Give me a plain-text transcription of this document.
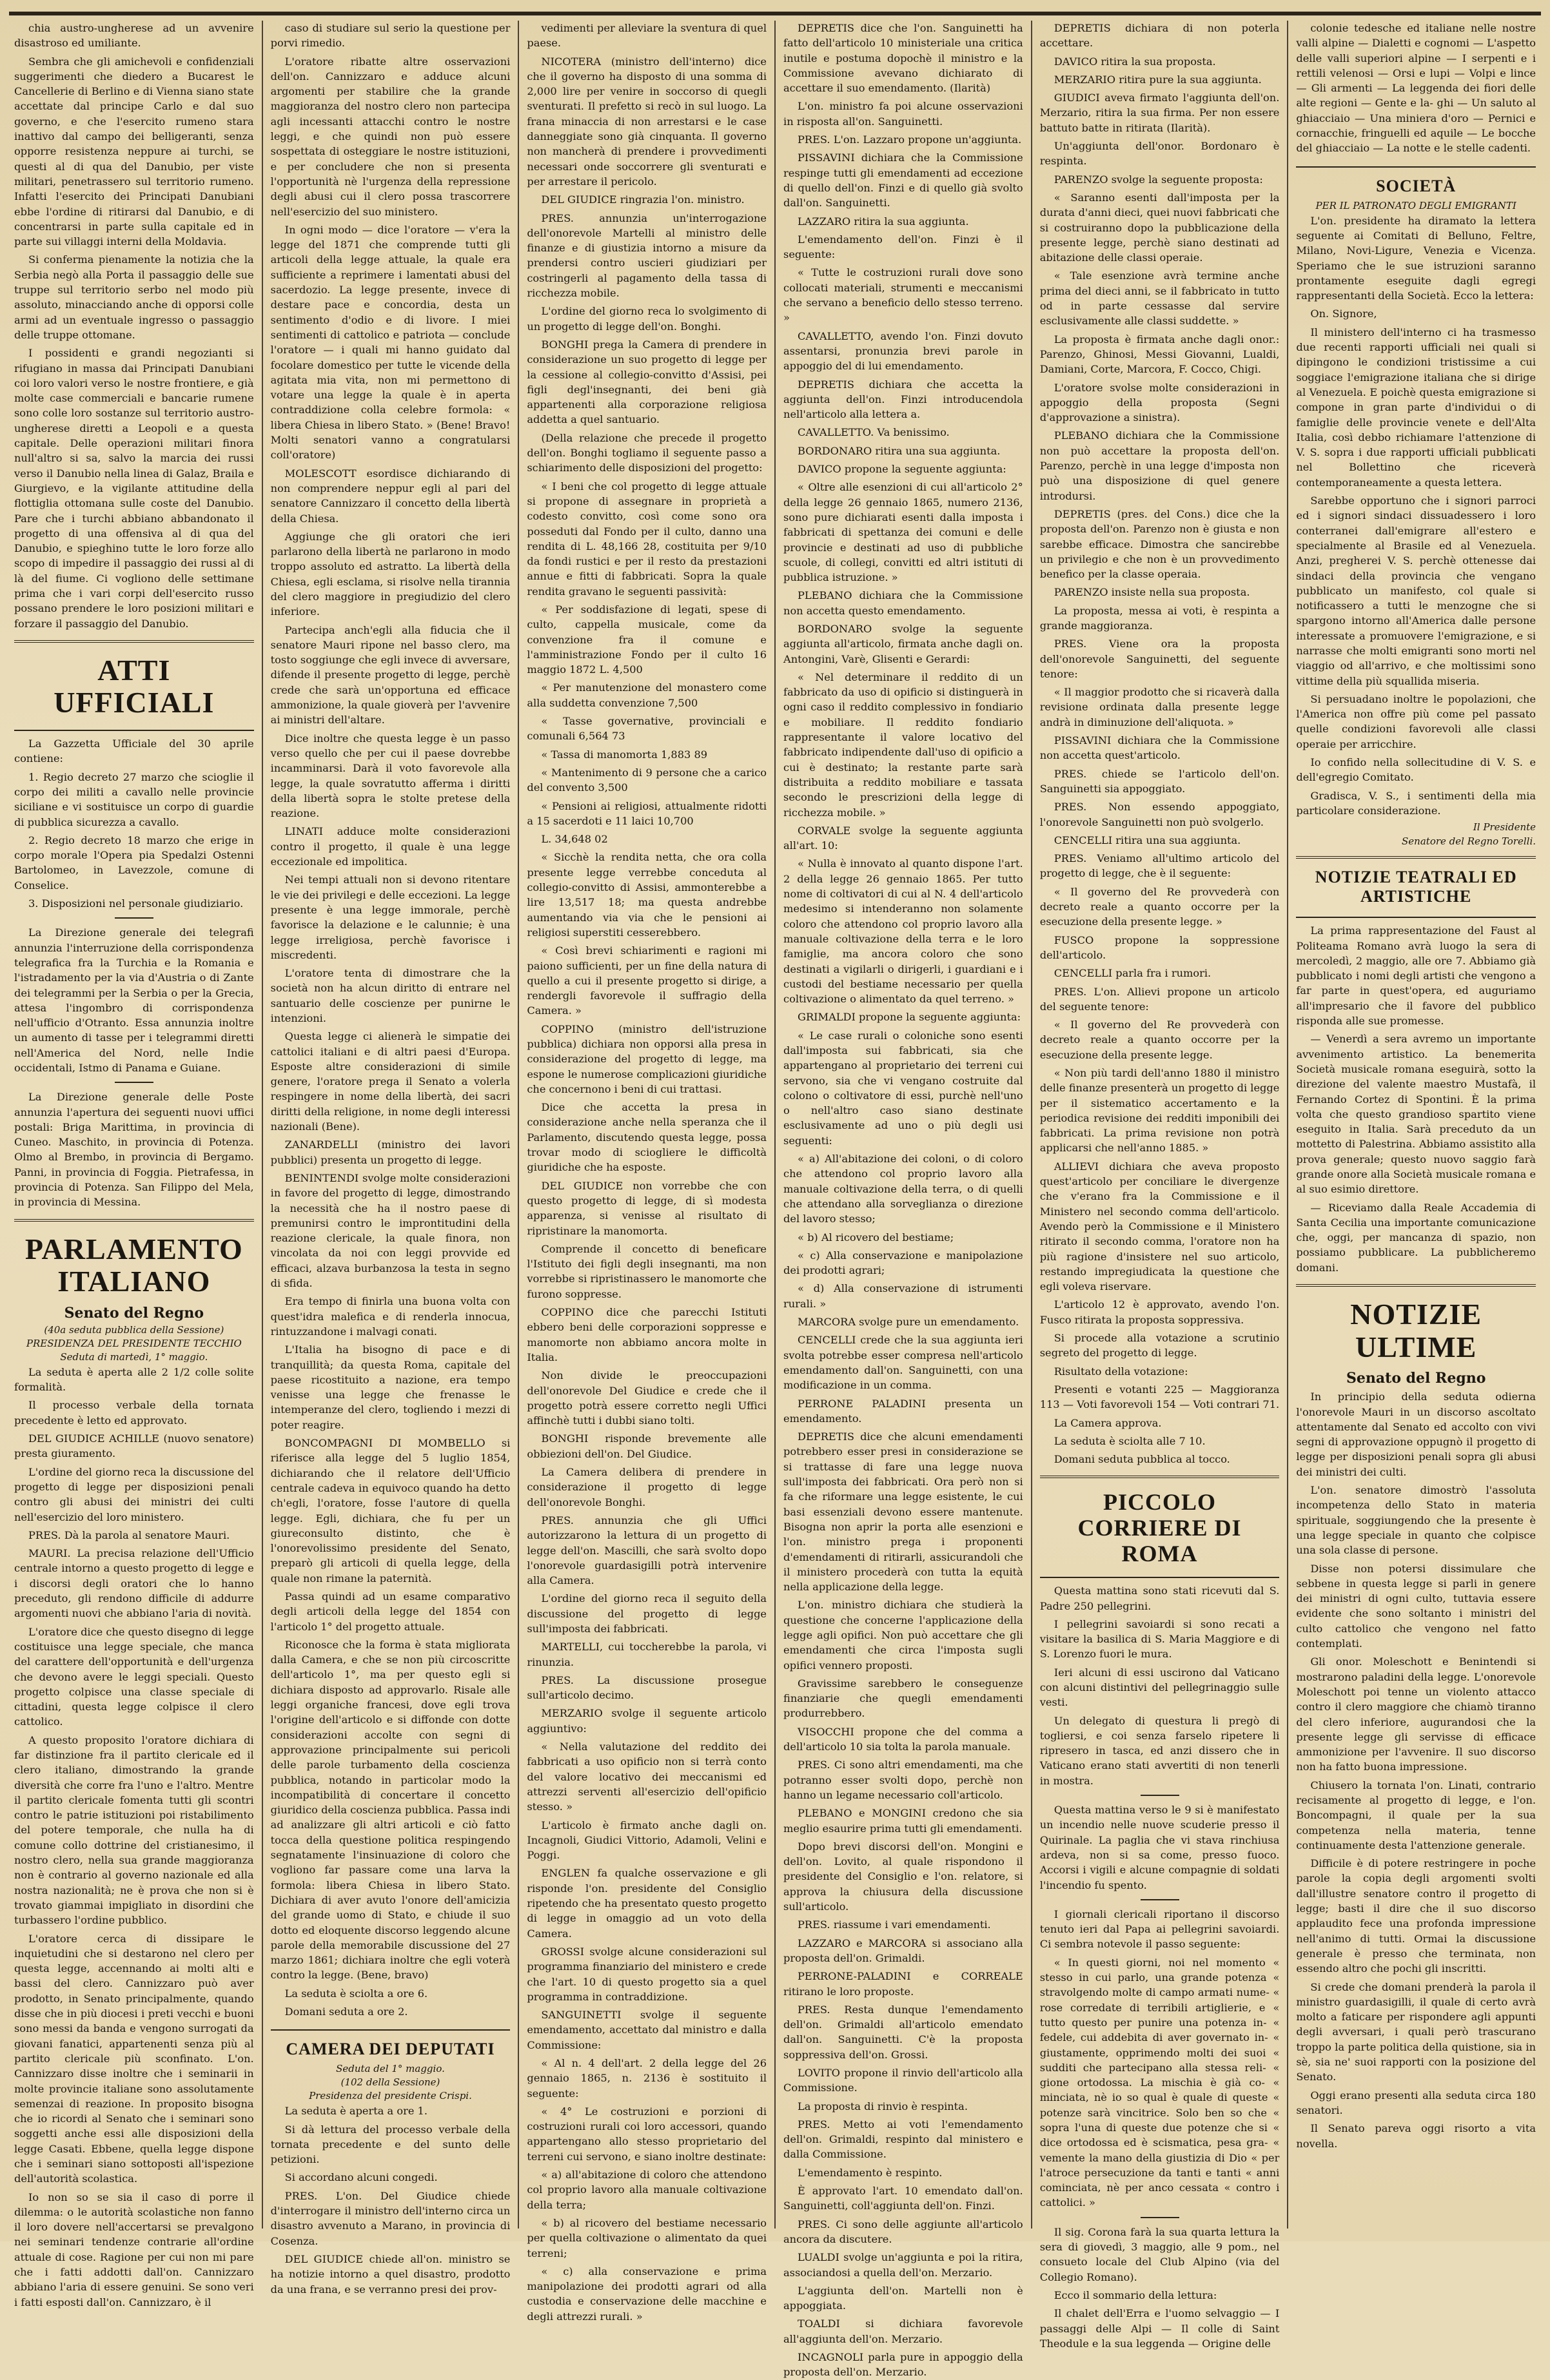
chia austro-ungherese ad un avvenire disastroso ed umiliante.

Sembra che gli amichevoli e confidenziali suggerimenti che diedero a Bucarest le Cancellerie di Berlino e di Vienna siano state accettate dal principe Carlo e dal suo governo, e che l'esercito rumeno stara inattivo dal campo dei belligeranti, senza opporre resistenza neppure ai turchi, se questi al di qua del Danubio, per viste militari, penetrassero sul territorio rumeno. Infatti l'esercito dei Principati Danubiani ebbe l'ordine di ritirarsi dal Danubio, e di concentrarsi in parte sulla capitale ed in parte sui villaggi interni della Moldavia.

Si conferma pienamente la notizia che la Serbia negò alla Porta il passaggio delle sue truppe sul territorio serbo nel modo più assoluto, minacciando anche di opporsi colle armi ad un eventuale ingresso o passaggio delle truppe ottomane.

I possidenti e grandi negozianti si rifugiano in massa dai Principati Danubiani coi loro valori verso le nostre frontiere, e già molte case commerciali e bancarie rumene sono colle loro sostanze sul territorio austro-ungherese diretti a Leopoli e a questa capitale. Delle operazioni militari finora null'altro si sa, salvo la marcia dei russi verso il Danubio nella linea di Galaz, Braila e Giurgievo, e la vigilante attitudine della flottiglia ottomana sulle coste del Danubio. Pare che i turchi abbiano abbandonato il progetto di una offensiva al di qua del Danubio, e spieghino tutte le loro forze allo scopo di impedire il passaggio dei russi al di là del fiume. Ci vogliono delle settimane prima che i vari corpi dell'esercito russo possano prendere le loro posizioni militari e forzare il passaggio del Danubio.

ATTI UFFICIALI

La Gazzetta Ufficiale del 30 aprile contiene:

1. Regio decreto 27 marzo che scioglie il corpo dei militi a cavallo nelle provincie siciliane e vi sostituisce un corpo di guardie di pubblica sicurezza a cavallo.

2. Regio decreto 18 marzo che erige in corpo morale l'Opera pia Spedalzi Ostenni Bartolomeo, in Lavezzole, comune di Conselice.

3. Disposizioni nel personale giudiziario.

La Direzione generale dei telegrafi annunzia l'interruzione della corrispondenza telegrafica fra la Turchia e la Romania e l'istradamento per la via d'Austria o di Zante dei telegrammi per la Serbia o per la Grecia, attesa l'ingombro di corrispondenza nell'ufficio d'Otranto. Essa annunzia inoltre un aumento di tasse per i telegrammi diretti nell'America del Nord, nelle Indie occidentali, Istmo di Panama e Guiane.

La Direzione generale delle Poste annunzia l'apertura dei seguenti nuovi uffici postali: Briga Marittima, in provincia di Cuneo. Maschito, in provincia di Potenza. Olmo al Brembo, in provincia di Bergamo. Panni, in provincia di Foggia. Pietrafessa, in provincia di Potenza. San Filippo del Mela, in provincia di Messina.

PARLAMENTO ITALIANO
Senato del Regno
(40a seduta pubblica della Sessione)
PRESIDENZA DEL PRESIDENTE TECCHIO
Seduta di martedì, 1° maggio.

La seduta è aperta alle 2 1/2 colle solite formalità.

Il processo verbale della tornata precedente è letto ed approvato.

DEL GIUDICE ACHILLE (nuovo senatore) presta giuramento.

L'ordine del giorno reca la discussione del progetto di legge per disposizioni penali contro gli abusi dei ministri dei culti nell'esercizio del loro ministero.

PRES. Dà la parola al senatore Mauri.

MAURI. La precisa relazione dell'Ufficio centrale intorno a questo progetto di legge e i discorsi degli oratori che lo hanno preceduto, gli rendono difficile di addurre argomenti nuovi che abbiano l'aria di novità.

L'oratore dice che questo disegno di legge costituisce una legge speciale, che manca del carattere dell'opportunità e dell'urgenza che devono avere le leggi speciali. Questo progetto colpisce una classe speciale di cittadini, questa legge colpisce il clero cattolico.

A questo proposito l'oratore dichiara di far distinzione fra il partito clericale ed il clero italiano, dimostrando la grande diversità che corre fra l'uno e l'altro. Mentre il partito clericale fomenta tutti gli scontri contro le patrie istituzioni poi ristabilimento del potere temporale, che nulla ha di comune collo dottrine del cristianesimo, il nostro clero, nella sua grande maggioranza non è contrario al governo nazionale ed alla nostra nazionalità; ne è prova che non si è trovato giammai impigliato in disordini che turbassero l'ordine pubblico.

L'oratore cerca di dissipare le inquietudini che si destarono nel clero per questa legge, accennando ai molti alti e bassi del clero. Cannizzaro può aver prodotto, in Senato principalmente, quando disse che in più diocesi i preti vecchi e buoni sono messi da banda e vengono surrogati da giovani fanatici, appartenenti senza più al partito clericale più sconfinato. L'on. Cannizzaro disse inoltre che i seminarii in molte provincie italiane sono assolutamente semenzai di reazione. In proposito bisogna che io ricordi al Senato che i seminari sono soggetti anche essi alle disposizioni della legge Casati. Ebbene, quella legge dispone che i seminari siano sottoposti all'ispezione dell'autorità scolastica.

Io non so se sia il caso di porre il dilemma: o le autorità scolastiche non fanno il loro dovere nell'accertarsi se prevalgono nei seminari tendenze contrarie all'ordine attuale di cose. Ragione per cui non mi pare che i fatti addotti dall'on. Cannizzaro abbiano l'aria di essere genuini. Se sono veri i fatti esposti dall'on. Cannizzaro, è il

caso di studiare sul serio la questione per porvi rimedio.

L'oratore ribatte altre osservazioni dell'on. Cannizzaro e adduce alcuni argomenti per stabilire che la grande maggioranza del nostro clero non partecipa agli incessanti attacchi contro le nostre leggi, e che quindi non può essere sospettata di osteggiare le nostre istituzioni, e per concludere che non si presenta l'opportunità nè l'urgenza della repressione degli abusi cui il clero possa trascorrere nell'esercizio del suo ministero.

In ogni modo — dice l'oratore — v'era la legge del 1871 che comprende tutti gli articoli della legge attuale, la quale era sufficiente a reprimere i lamentati abusi del sacerdozio. La legge presente, invece di destare pace e concordia, desta un sentimento d'odio e di livore. I miei sentimenti di cattolico e patriota — conclude l'oratore — i quali mi hanno guidato dal focolare domestico per tutte le vicende della agitata mia vita, non mi permettono di votare una legge la quale è in aperta contraddizione colla celebre formola: « libera Chiesa in libero Stato. » (Bene! Bravo! Molti senatori vanno a congratularsi coll'oratore)

MOLESCOTT esordisce dichiarando di non comprendere neppur egli al pari del senatore Cannizzaro il concetto della libertà della Chiesa.

Aggiunge che gli oratori che ieri parlarono della libertà ne parlarono in modo troppo assoluto ed astratto. La libertà della Chiesa, egli esclama, si risolve nella tirannia del clero maggiore in pregiudizio del clero inferiore.

Partecipa anch'egli alla fiducia che il senatore Mauri ripone nel basso clero, ma tosto soggiunge che egli invece di avversare, difende il presente progetto di legge, perchè crede che sarà un'opportuna ed efficace ammonizione, la quale gioverà per l'avvenire ai ministri dell'altare.

Dice inoltre che questa legge è un passo verso quello che per cui il paese dovrebbe incamminarsi. Darà il voto favorevole alla legge, la quale sovratutto afferma i diritti della libertà sopra le stolte pretese della reazione.

LINATI adduce molte considerazioni contro il progetto, il quale è una legge eccezionale ed impolitica.

Nei tempi attuali non si devono ritentare le vie dei privilegi e delle eccezioni. La legge presente è una legge immorale, perchè favorisce la delazione e le calunnie; è una legge irreligiosa, perchè favorisce i miscredenti.

L'oratore tenta di dimostrare che la società non ha alcun diritto di entrare nel santuario delle coscienze per punirne le intenzioni.

Questa legge ci alienerà le simpatie dei cattolici italiani e di altri paesi d'Europa. Esposte altre considerazioni di simile genere, l'oratore prega il Senato a volerla respingere in nome della libertà, dei sacri diritti della religione, in nome degli interessi nazionali (Bene).

ZANARDELLI (ministro dei lavori pubblici) presenta un progetto di legge.

BENINTENDI svolge molte considerazioni in favore del progetto di legge, dimostrando la necessità che ha il nostro paese di premunirsi contro le improntitudini della reazione clericale, la quale finora, non vincolata da noi con leggi provvide ed efficaci, alzava burbanzosa la testa in segno di sfida.

Era tempo di finirla una buona volta con quest'idra malefica e di renderla innocua, rintuzzandone i malvagi conati.

L'Italia ha bisogno di pace e di tranquillità; da questa Roma, capitale del paese ricostituito a nazione, era tempo venisse una legge che frenasse le intemperanze del clero, togliendo i mezzi di poter reagire.

BONCOMPAGNI DI MOMBELLO si riferisce alla legge del 5 luglio 1854, dichiarando che il relatore dell'Ufficio centrale cadeva in equivoco quando ha detto ch'egli, l'oratore, fosse l'autore di quella legge. Egli, dichiara, che fu per un giureconsulto distinto, che è l'onorevolissimo presidente del Senato, preparò gli articoli di quella legge, della quale non rimane la paternità.

Passa quindi ad un esame comparativo degli articoli della legge del 1854 con l'articolo 1° del progetto attuale.

Riconosce che la forma è stata migliorata dalla Camera, e che se non più circoscritte dell'articolo 1°, ma per questo egli si dichiara disposto ad approvarlo. Risale alle leggi organiche francesi, dove egli trova l'origine dell'articolo e si diffonde con dotte considerazioni accolte con segni di approvazione principalmente sui pericoli delle parole turbamento della coscienza pubblica, notando in particolar modo la incompatibilità di concertare il concetto giuridico della coscienza pubblica. Passa indi ad analizzare gli altri articoli e ciò fatto tocca della questione politica respingendo segnatamente l'insinuazione di coloro che vogliono far passare come una larva la formola: libera Chiesa in libero Stato. Dichiara di aver avuto l'onore dell'amicizia del grande uomo di Stato, e chiude il suo dotto ed eloquente discorso leggendo alcune parole della memorabile discussione del 27 marzo 1861; dichiara inoltre che egli voterà contro la legge. (Bene, bravo)

La seduta è sciolta a ore 6.

Domani seduta a ore 2.

CAMERA DEI DEPUTATI
Seduta del 1° maggio.
(102 della Sessione)
Presidenza del presidente Crispi.

La seduta è aperta a ore 1.

Si dà lettura del processo verbale della tornata precedente e del sunto delle petizioni.

Si accordano alcuni congedi.

PRES. L'on. Del Giudice chiede d'interrogare il ministro dell'interno circa un disastro avvenuto a Marano, in provincia di Cosenza.

DEL GIUDICE chiede all'on. ministro se ha notizie intorno a quel disastro, prodotto da una frana, e se verranno presi dei prov-

vedimenti per alleviare la sventura di quel paese.

NICOTERA (ministro dell'interno) dice che il governo ha disposto di una somma di 2,000 lire per venire in soccorso di quegli sventurati. Il prefetto si recò in sul luogo. La frana minaccia di non arrestarsi e le case danneggiate sono già cinquanta. Il governo non mancherà di prendere i provvedimenti necessari onde soccorrere gli sventurati e per arrestare il pericolo.

DEL GIUDICE ringrazia l'on. ministro.

PRES. annunzia un'interrogazione dell'onorevole Martelli al ministro delle finanze e di giustizia intorno a misure da prendersi contro uscieri giudiziari per costringerli al pagamento della tassa di ricchezza mobile.

L'ordine del giorno reca lo svolgimento di un progetto di legge dell'on. Bonghi.

BONGHI prega la Camera di prendere in considerazione un suo progetto di legge per la cessione al collegio-convitto d'Assisi, pei figli degl'insegnanti, dei beni già appartenenti alla corporazione religiosa addetta a quel santuario.

(Della relazione che precede il progetto dell'on. Bonghi togliamo il seguente passo a schiarimento delle disposizioni del progetto:

« I beni che col progetto di legge attuale si propone di assegnare in proprietà a codesto convitto, così come sono ora posseduti dal Fondo per il culto, danno una rendita di L. 48,166 28, costituita per 9/10 da fondi rustici e per il resto da prestazioni annue e fitti di fabbricati. Sopra la quale rendita gravano le seguenti passività:

« Per soddisfazione di legati, spese di culto, cappella musicale, come da convenzione fra il comune e l'amministrazione Fondo per il culto 16 maggio 1872 L. 4,500

« Per manutenzione del monastero come alla suddetta convenzione 7,500

« Tasse governative, provinciali e comunali 6,564 73

« Tassa di manomorta 1,883 89

« Mantenimento di 9 persone che a carico del convento 3,500

« Pensioni ai religiosi, attualmente ridotti a 15 sacerdoti e 11 laici 10,700

L. 34,648 02

« Sicchè la rendita netta, che ora colla presente legge verrebbe conceduta al collegio-convitto di Assisi, ammonterebbe a lire 13,517 18; ma questa andrebbe aumentando via via che le pensioni ai religiosi superstiti cesserebbero.

« Così brevi schiarimenti e ragioni mi paiono sufficienti, per un fine della natura di quello a cui il presente progetto si dirige, a rendergli favorevole il suffragio della Camera. »

COPPINO (ministro dell'istruzione pubblica) dichiara non opporsi alla presa in considerazione del progetto di legge, ma espone le numerose complicazioni giuridiche che concernono i beni di cui trattasi.

Dice che accetta la presa in considerazione anche nella speranza che il Parlamento, discutendo questa legge, possa trovar modo di sciogliere le difficoltà giuridiche che ha esposte.

DEL GIUDICE non vorrebbe che con questo progetto di legge, di sì modesta apparenza, si venisse al risultato di ripristinare la manomorta.

Comprende il concetto di beneficare l'Istituto dei figli degli insegnanti, ma non vorrebbe si ripristinassero le manomorte che furono soppresse.

COPPINO dice che parecchi Istituti ebbero beni delle corporazioni soppresse e manomorte non abbiamo ancora molte in Italia.

Non divide le preoccupazioni dell'onorevole Del Giudice e crede che il progetto potrà essere corretto negli Uffici affinchè tutti i dubbi siano tolti.

BONGHI risponde brevemente alle obbiezioni dell'on. Del Giudice.

La Camera delibera di prendere in considerazione il progetto di legge dell'onorevole Bonghi.

PRES. annunzia che gli Uffici autorizzarono la lettura di un progetto di legge dell'on. Mascilli, che sarà svolto dopo l'onorevole guardasigilli potrà intervenire alla Camera.

L'ordine del giorno reca il seguito della discussione del progetto di legge sull'imposta dei fabbricati.

MARTELLI, cui toccherebbe la parola, vi rinunzia.

PRES. La discussione prosegue sull'articolo decimo.

MERZARIO svolge il seguente articolo aggiuntivo:

« Nella valutazione del reddito dei fabbricati a uso opificio non si terrà conto del valore locativo dei meccanismi ed attrezzi serventi all'esercizio dell'opificio stesso. »

L'articolo è firmato anche dagli on. Incagnoli, Giudici Vittorio, Adamoli, Velini e Poggi.

ENGLEN fa qualche osservazione e gli risponde l'on. presidente del Consiglio ripetendo che ha presentato questo progetto di legge in omaggio ad un voto della Camera.

GROSSI svolge alcune considerazioni sul programma finanziario del ministero e crede che l'art. 10 di questo progetto sia a quel programma in contraddizione.

SANGUINETTI svolge il seguente emendamento, accettato dal ministro e dalla Commissione:

« Al n. 4 dell'art. 2 della legge del 26 gennaio 1865, n. 2136 è sostituito il seguente:

« 4° Le costruzioni e porzioni di costruzioni rurali coi loro accessori, quando appartengano allo stesso proprietario del terreni cui servono, e siano inoltre destinate:

« a) all'abitazione di coloro che attendono col proprio lavoro alla manuale coltivazione della terra;

« b) al ricovero del bestiame necessario per quella coltivazione o alimentato da quei terreni;

« c) alla conservazione e prima manipolazione dei prodotti agrari od alla custodia e conservazione delle macchine e degli attrezzi rurali. »

DEPRETIS dice che l'on. Sanguinetti ha fatto dell'articolo 10 ministeriale una critica inutile e postuma dopochè il ministro e la Commissione avevano dichiarato di accettare il suo emendamento. (Ilarità)

L'on. ministro fa poi alcune osservazioni in risposta all'on. Sanguinetti.

PRES. L'on. Lazzaro propone un'aggiunta.

PISSAVINI dichiara che la Commissione respinge tutti gli emendamenti ad eccezione di quello dell'on. Finzi e di quello già svolto dall'on. Sanguinetti.

LAZZARO ritira la sua aggiunta.

L'emendamento dell'on. Finzi è il seguente:

« Tutte le costruzioni rurali dove sono collocati materiali, strumenti e meccanismi che servano a beneficio dello stesso terreno. »

CAVALLETTO, avendo l'on. Finzi dovuto assentarsi, pronunzia brevi parole in appoggio del di lui emendamento.

DEPRETIS dichiara che accetta la aggiunta dell'on. Finzi introducendola nell'articolo alla lettera a.

CAVALLETTO. Va benissimo.

BORDONARO ritira una sua aggiunta.

DAVICO propone la seguente aggiunta:

« Oltre alle esenzioni di cui all'articolo 2° della legge 26 gennaio 1865, numero 2136, sono pure dichiarati esenti dalla imposta i fabbricati di spettanza dei comuni e delle provincie e destinati ad uso di pubbliche scuole, di collegi, convitti ed altri istituti di pubblica istruzione. »

PLEBANO dichiara che la Commissione non accetta questo emendamento.

BORDONARO svolge la seguente aggiunta all'articolo, firmata anche dagli on. Antongini, Varè, Glisenti e Gerardi:

« Nel determinare il reddito di un fabbricato da uso di opificio si distinguerà in ogni caso il reddito complessivo in fondiario e mobiliare. Il reddito fondiario rappresentante il valore locativo del fabbricato indipendente dall'uso di opificio a cui è destinato; la restante parte sarà distribuita a reddito mobiliare e tassata secondo le prescrizioni della legge di ricchezza mobile. »

CORVALE svolge la seguente aggiunta all'art. 10:

« Nulla è innovato al quanto dispone l'art. 2 della legge 26 gennaio 1865. Per tutto nome di coltivatori di cui al N. 4 dell'articolo medesimo si intenderanno non solamente coloro che attendono col proprio lavoro alla manuale coltivazione della terra e le loro famiglie, ma ancora coloro che sono destinati a vigilarli o dirigerli, i guardiani e i custodi del bestiame necessario per quella coltivazione o alimentato da quel terreno. »

GRIMALDI propone la seguente aggiunta:

« Le case rurali o coloniche sono esenti dall'imposta sui fabbricati, sia che appartengano al proprietario dei terreni cui servono, sia che vi vengano costruite dal colono o coltivatore di essi, purchè nell'uno o nell'altro caso siano destinate esclusivamente ad uno o più degli usi seguenti:

« a) All'abitazione dei coloni, o di coloro che attendono col proprio lavoro alla manuale coltivazione della terra, o di quelli che attendano alla sorveglianza o direzione del lavoro stesso;

« b) Al ricovero del bestiame;

« c) Alla conservazione e manipolazione dei prodotti agrari;

« d) Alla conservazione di istrumenti rurali. »

MARCORA svolge pure un emendamento.

CENCELLI crede che la sua aggiunta ieri svolta potrebbe esser compresa nell'articolo emendamento dall'on. Sanguinetti, con una modificazione in un comma.

PERRONE PALADINI presenta un emendamento.

DEPRETIS dice che alcuni emendamenti potrebbero esser presi in considerazione se si trattasse di fare una legge nuova sull'imposta dei fabbricati. Ora però non si fa che riformare una legge esistente, le cui basi essenziali devono essere mantenute. Bisogna non aprir la porta alle esenzioni e l'on. ministro prega i proponenti d'emendamenti di ritirarli, assicurandoli che il ministero procederà con tutta la equità nella applicazione della legge.

L'on. ministro dichiara che studierà la questione che concerne l'applicazione della legge agli opifici. Non può accettare che gli emendamenti che circa l'imposta sugli opifici vennero proposti.

Gravissime sarebbero le conseguenze finanziarie che quegli emendamenti produrrebbero.

VISOCCHI propone che del comma a dell'articolo 10 sia tolta la parola manuale.

PRES. Ci sono altri emendamenti, ma che potranno esser svolti dopo, perchè non hanno un legame necessario coll'articolo.

PLEBANO e MONGINI credono che sia meglio esaurire prima tutti gli emendamenti.

Dopo brevi discorsi dell'on. Mongini e dell'on. Lovito, al quale rispondono il presidente del Consiglio e l'on. relatore, si approva la chiusura della discussione sull'articolo.

PRES. riassume i vari emendamenti.

LAZZARO e MARCORA si associano alla proposta dell'on. Grimaldi.

PERRONE-PALADINI e CORREALE ritirano le loro proposte.

PRES. Resta dunque l'emendamento dell'on. Grimaldi all'articolo emendato dall'on. Sanguinetti. C'è la proposta soppressiva dell'on. Grossi.

LOVITO propone il rinvio dell'articolo alla Commissione.

La proposta di rinvio è respinta.

PRES. Metto ai voti l'emendamento dell'on. Grimaldi, respinto dal ministero e dalla Commissione.

L'emendamento è respinto.

È approvato l'art. 10 emendato dall'on. Sanguinetti, coll'aggiunta dell'on. Finzi.

PRES. Ci sono delle aggiunte all'articolo ancora da discutere.

LUALDI svolge un'aggiunta e poi la ritira, associandosi a quella dell'on. Merzario.

L'aggiunta dell'on. Martelli non è appoggiata.

TOALDI si dichiara favorevole all'aggiunta dell'on. Merzario.

INCAGNOLI parla pure in appoggio della proposta dell'on. Merzario.

DEPRETIS dichiara di non poterla accettare.

DAVICO ritira la sua proposta.

MERZARIO ritira pure la sua aggiunta.

GIUDICI aveva firmato l'aggiunta dell'on. Merzario, ritira la sua firma. Per non essere battuto batte in ritirata (Ilarità).

Un'aggiunta dell'onor. Bordonaro è respinta.

PARENZO svolge la seguente proposta:

« Saranno esenti dall'imposta per la durata d'anni dieci, quei nuovi fabbricati che si costruiranno dopo la pubblicazione della presente legge, perchè siano destinati ad abitazione delle classi operaie.

« Tale esenzione avrà termine anche prima del dieci anni, se il fabbricato in tutto od in parte cessasse dal servire esclusivamente alle classi suddette. »

La proposta è firmata anche dagli onor.: Parenzo, Ghinosi, Messi Giovanni, Lualdi, Damiani, Corte, Marcora, F. Cocco, Chigi.

L'oratore svolse molte considerazioni in appoggio della proposta (Segni d'approvazione a sinistra).

PLEBANO dichiara che la Commissione non può accettare la proposta dell'on. Parenzo, perchè in una legge d'imposta non può una disposizione di quel genere introdursi.

DEPRETIS (pres. del Cons.) dice che la proposta dell'on. Parenzo non è giusta e non sarebbe efficace. Dimostra che sancirebbe un privilegio e che non è un provvedimento benefico per la classe operaia.

PARENZO insiste nella sua proposta.

La proposta, messa ai voti, è respinta a grande maggioranza.

PRES. Viene ora la proposta dell'onorevole Sanguinetti, del seguente tenore:

« Il maggior prodotto che si ricaverà dalla revisione ordinata dalla presente legge andrà in diminuzione dell'aliquota. »

PISSAVINI dichiara che la Commissione non accetta quest'articolo.

PRES. chiede se l'articolo dell'on. Sanguinetti sia appoggiato.

PRES. Non essendo appoggiato, l'onorevole Sanguinetti non può svolgerlo.

CENCELLI ritira una sua aggiunta.

PRES. Veniamo all'ultimo articolo del progetto di legge, che è il seguente:

« Il governo del Re provvederà con decreto reale a quanto occorre per la esecuzione della presente legge. »

FUSCO propone la soppressione dell'articolo.

CENCELLI parla fra i rumori.

PRES. L'on. Allievi propone un articolo del seguente tenore:

« Il governo del Re provvederà con decreto reale a quanto occorre per la esecuzione della presente legge.

« Non più tardi dell'anno 1880 il ministro delle finanze presenterà un progetto di legge per il sistematico accertamento e la periodica revisione dei redditi imponibili dei fabbricati. La prima revisione non potrà applicarsi che nell'anno 1885. »

ALLIEVI dichiara che aveva proposto quest'articolo per conciliare le divergenze che v'erano fra la Commissione e il Ministero nel secondo comma dell'articolo. Avendo però la Commissione e il Ministero ritirato il secondo comma, l'oratore non ha più ragione d'insistere nel suo articolo, restando impregiudicata la questione che egli voleva riservare.

L'articolo 12 è approvato, avendo l'on. Fusco ritirata la proposta soppressiva.

Si procede alla votazione a scrutinio segreto del progetto di legge.

Risultato della votazione:

Presenti e votanti 225 — Maggioranza 113 — Voti favorevoli 154 — Voti contrari 71.

La Camera approva.

La seduta è sciolta alle 7 10.

Domani seduta pubblica al tocco.

PICCOLO CORRIERE DI ROMA

Questa mattina sono stati ricevuti dal S. Padre 250 pellegrini.

I pellegrini savoiardi si sono recati a visitare la basilica di S. Maria Maggiore e di S. Lorenzo fuori le mura.

Ieri alcuni di essi uscirono dal Vaticano con alcuni distintivi del pellegrinaggio sulle vesti.

Un delegato di questura li pregò di togliersi, e coi senza farselo ripetere li ripresero in tasca, ed anzi dissero che in Vaticano erano stati avvertiti di non tenerli in mostra.

Questa mattina verso le 9 si è manifestato un incendio nelle nuove scuderie presso il Quirinale. La paglia che vi stava rinchiusa ardeva, non si sa come, presso fuoco. Accorsi i vigili e alcune compagnie di soldati l'incendio fu spento.

I giornali clericali riportano il discorso tenuto ieri dal Papa ai pellegrini savoiardi. Ci sembra notevole il passo seguente:

« In questi giorni, noi nel momento « stesso in cui parlo, una grande potenza « stravolgendo molte di campo armati nume- « rose corredate di terribili artiglierie, e « tutto questo per punire una potenza in- « fedele, cui addebita di aver governato in- « giustamente, opprimendo molti dei suoi « sudditi che partecipano alla stessa reli- « gione ortodossa. La mischia è già co- « minciata, nè io so qual è quale di queste « potenze sarà vincitrice. Solo ben so che « sopra l'una di queste due potenze che si « dice ortodossa ed è scismatica, pesa gra- « vemente la mano della giustizia di Dio « per l'atroce persecuzione da tanti e tanti « anni cominciata, nè per anco cessata « contro i cattolici. »

Il sig. Corona farà la sua quarta lettura la sera di giovedì, 3 maggio, alle 9 pom., nel consueto locale del Club Alpino (via del Collegio Romano).

Ecco il sommario della lettura:

Il chalet dell'Erra e l'uomo selvaggio — I passaggi delle Alpi — Il colle di Saint Theodule e la sua leggenda — Origine delle

colonie tedesche ed italiane nelle nostre valli alpine — Dialetti e cognomi — L'aspetto delle valli superiori alpine — I serpenti e i rettili velenosi — Orsi e lupi — Volpi e lince — Gli armenti — La leggenda dei fiori delle alte regioni — Gente e la- ghi — Un saluto al ghiacciaio — Una miniera d'oro — Pernici e cornacchie, fringuelli ed aquile — Le bocche del ghiacciaio — La notte e le stelle cadenti.

SOCIETÀ
PER IL PATRONATO DEGLI EMIGRANTI

L'on. presidente ha diramato la lettera seguente ai Comitati di Belluno, Feltre, Milano, Novi-Ligure, Venezia e Vicenza. Speriamo che le sue istruzioni saranno prontamente eseguite dagli egregi rappresentanti della Società. Ecco la lettera:

On. Signore,

Il ministero dell'interno ci ha trasmesso due recenti rapporti ufficiali nei quali si dipingono le condizioni tristissime a cui soggiace l'emigrazione italiana che si dirige al Venezuela. E poichè questa emigrazione si compone in gran parte d'individui o di famiglie delle provincie venete e dell'Alta Italia, così debbo richiamare l'attenzione di V. S. sopra i due rapporti ufficiali pubblicati nel Bollettino che riceverà contemporaneamente a questa lettera.

Sarebbe opportuno che i signori parroci ed i signori sindaci dissuadessero i loro conterranei dall'emigrare all'estero e specialmente al Brasile ed al Venezuela. Anzi, pregherei V. S. perchè ottenesse dai sindaci della provincia che vengano pubblicato un manifesto, col quale si notificassero a tutti le menzogne che si spargono intorno all'America dalle persone interessate a promuovere l'emigrazione, e si narrasse che molti emigranti sono morti nel viaggio od all'arrivo, e che moltissimi sono vittime della più squallida miseria.

Si persuadano inoltre le popolazioni, che l'America non offre più come pel passato quelle condizioni favorevoli alle classi operaie per arricchire.

Io confido nella sollecitudine di V. S. e dell'egregio Comitato.

Gradisca, V. S., i sentimenti della mia particolare considerazione.

Il Presidente
Senatore del Regno Torelli.
NOTIZIE TEATRALI ED ARTISTICHE

La prima rappresentazione del Faust al Politeama Romano avrà luogo la sera di mercoledì, 2 maggio, alle ore 7. Abbiamo già pubblicato i nomi degli artisti che vengono a far parte in quest'opera, ed auguriamo all'impresario che il favore del pubblico risponda alle sue promesse.

— Venerdì a sera avremo un importante avvenimento artistico. La benemerita Società musicale romana eseguirà, sotto la direzione del valente maestro Mustafà, il Fernando Cortez di Spontini. È la prima volta che questo grandioso spartito viene eseguito in Italia. Sarà preceduto da un mottetto di Palestrina. Abbiamo assistito alla prova generale; questo nuovo saggio farà grande onore alla Società musicale romana e al suo esimio direttore.

— Riceviamo dalla Reale Accademia di Santa Cecilia una importante comunicazione che, oggi, per mancanza di spazio, non possiamo pubblicare. La pubblicheremo domani.

NOTIZIE ULTIME
Senato del Regno

In principio della seduta odierna l'onorevole Mauri in un discorso ascoltato attentamente dal Senato ed accolto con vivi segni di approvazione oppugnò il progetto di legge per disposizioni penali sopra gli abusi dei ministri dei culti.

L'on. senatore dimostrò l'assoluta incompetenza dello Stato in materia spirituale, soggiungendo che la presente è una legge speciale in quanto che colpisce una sola classe di persone.

Disse non potersi dissimulare che sebbene in questa legge si parli in genere dei ministri di ogni culto, tuttavia essere evidente che sono soltanto i ministri del culto cattolico che vengono nel fatto contemplati.

Gli onor. Moleschott e Benintendi si mostrarono paladini della legge. L'onorevole Moleschott poi tenne un violento attacco contro il clero maggiore che chiamò tiranno del clero inferiore, augurandosi che la presente legge gli servisse di efficace ammonizione per l'avvenire. Il suo discorso non ha fatto buona impressione.

Chiusero la tornata l'on. Linati, contrario recisamente al progetto di legge, e l'on. Boncompagni, il quale per la sua competenza nella materia, tenne continuamente desta l'attenzione generale.

Difficile è di potere restringere in poche parole la copia degli argomenti svolti dall'illustre senatore contro il progetto di legge; basti il dire che il suo discorso applaudito fece una profonda impressione nell'animo di tutti. Ormai la discussione generale è presso che terminata, non essendo altro che pochi gli inscritti.

Si crede che domani prenderà la parola il ministro guardasigilli, il quale di certo avrà molto a faticare per rispondere agli appunti degli avversari, i quali però trascurano troppo la parte politica della quistione, sia in sè, sia ne' suoi rapporti con la posizione del Senato.

Oggi erano presenti alla seduta circa 180 senatori.

Il Senato pareva oggi risorto a vita novella.
